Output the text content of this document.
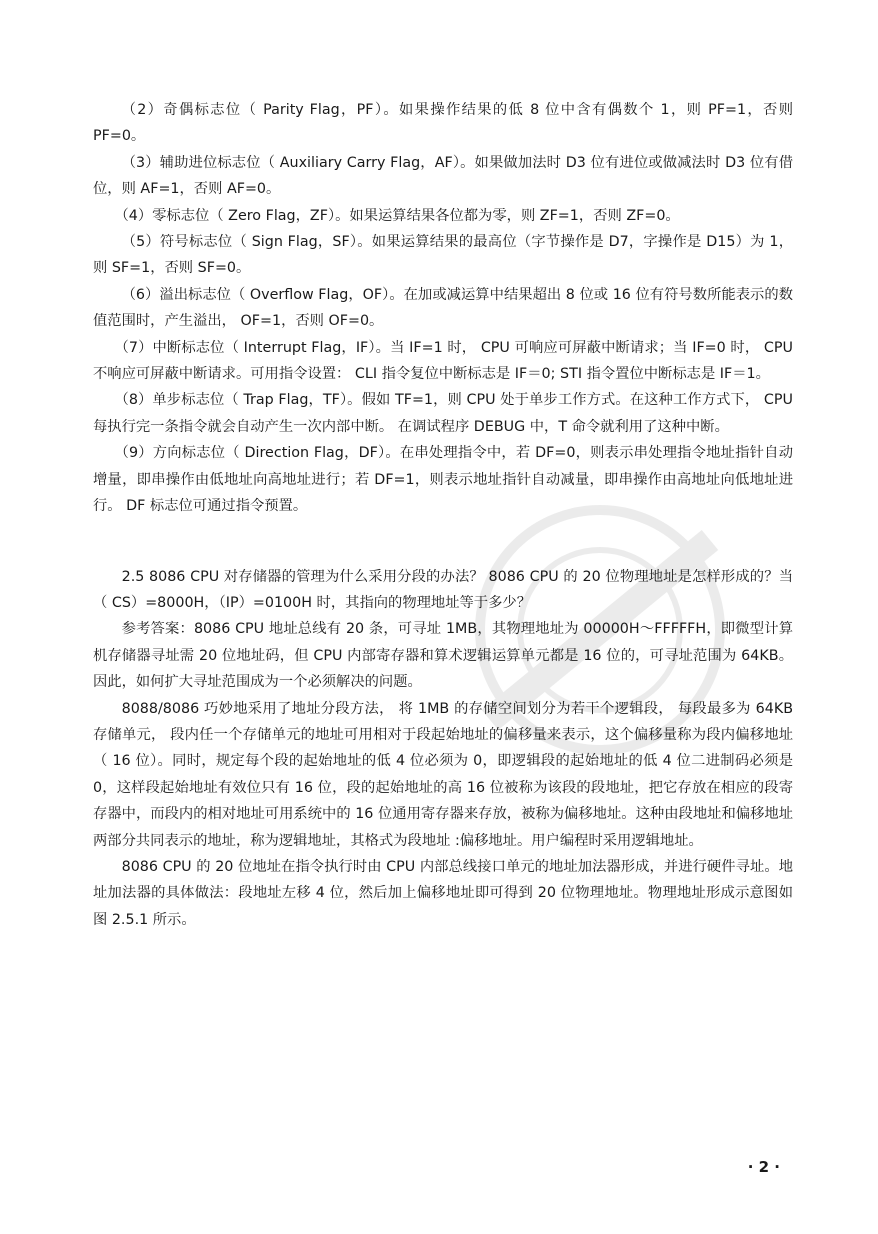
（2）奇偶标志位（ Parity Flag，PF）。如果操作结果的低 8 位中含有偶数个 1，则 PF=1，否则 PF=0。

（3）辅助进位标志位（ Auxiliary Carry Flag，AF）。如果做加法时 D3 位有进位或做减法时 D3 位有借位，则 AF=1，否则 AF=0。

（4）零标志位（ Zero Flag，ZF）。如果运算结果各位都为零，则 ZF=1，否则 ZF=0。

（5）符号标志位（ Sign Flag，SF）。如果运算结果的最高位（字节操作是 D7，字操作是 D15）为 1，则 SF=1，否则 SF=0。

（6）溢出标志位（ Overflow Flag，OF）。在加或减运算中结果超出 8 位或 16 位有符号数所能表示的数值范围时，产生溢出， OF=1，否则 OF=0。

（7）中断标志位（ Interrupt Flag，IF）。当 IF=1 时， CPU 可响应可屏蔽中断请求；当 IF=0 时， CPU 不响应可屏蔽中断请求。可用指令设置： CLI 指令复位中断标志是 IF＝0; STI 指令置位中断标志是 IF＝1。

（8）单步标志位（ Trap Flag，TF）。假如 TF=1，则 CPU 处于单步工作方式。在这种工作方式下， CPU 每执行完一条指令就会自动产生一次内部中断。 在调试程序 DEBUG 中，T 命令就利用了这种中断。

（9）方向标志位（ Direction Flag，DF）。在串处理指令中，若 DF=0，则表示串处理指令地址指针自动增量，即串操作由低地址向高地址进行；若 DF=1，则表示地址指针自动减量，即串操作由高地址向低地址进行。 DF 标志位可通过指令预置。

2.5 8086 CPU 对存储器的管理为什么采用分段的办法？ 8086 CPU 的 20 位物理地址是怎样形成的？当（ CS）=8000H，（IP）=0100H 时，其指向的物理地址等于多少？

参考答案：8086 CPU 地址总线有 20 条，可寻址 1MB，其物理地址为 00000H～FFFFFH，即微型计算机存储器寻址需 20 位地址码，但 CPU 内部寄存器和算术逻辑运算单元都是 16 位的，可寻址范围为 64KB。因此，如何扩大寻址范围成为一个必须解决的问题。

8088/8086 巧妙地采用了地址分段方法， 将 1MB 的存储空间划分为若干个逻辑段， 每段最多为 64KB 存储单元， 段内任一个存储单元的地址可用相对于段起始地址的偏移量来表示，这个偏移量称为段内偏移地址（ 16 位）。同时，规定每个段的起始地址的低 4 位必须为 0，即逻辑段的起始地址的低 4 位二进制码必须是 0，这样段起始地址有效位只有 16 位，段的起始地址的高 16 位被称为该段的段地址，把它存放在相应的段寄存器中，而段内的相对地址可用系统中的 16 位通用寄存器来存放，被称为偏移地址。这种由段地址和偏移地址两部分共同表示的地址，称为逻辑地址，其格式为段地址 :偏移地址。用户编程时采用逻辑地址。

8086 CPU 的 20 位地址在指令执行时由 CPU 内部总线接口单元的地址加法器形成，并进行硬件寻址。地址加法器的具体做法：段地址左移 4 位，然后加上偏移地址即可得到 20 位物理地址。物理地址形成示意图如图 2.5.1 所示。

· 2 ·
